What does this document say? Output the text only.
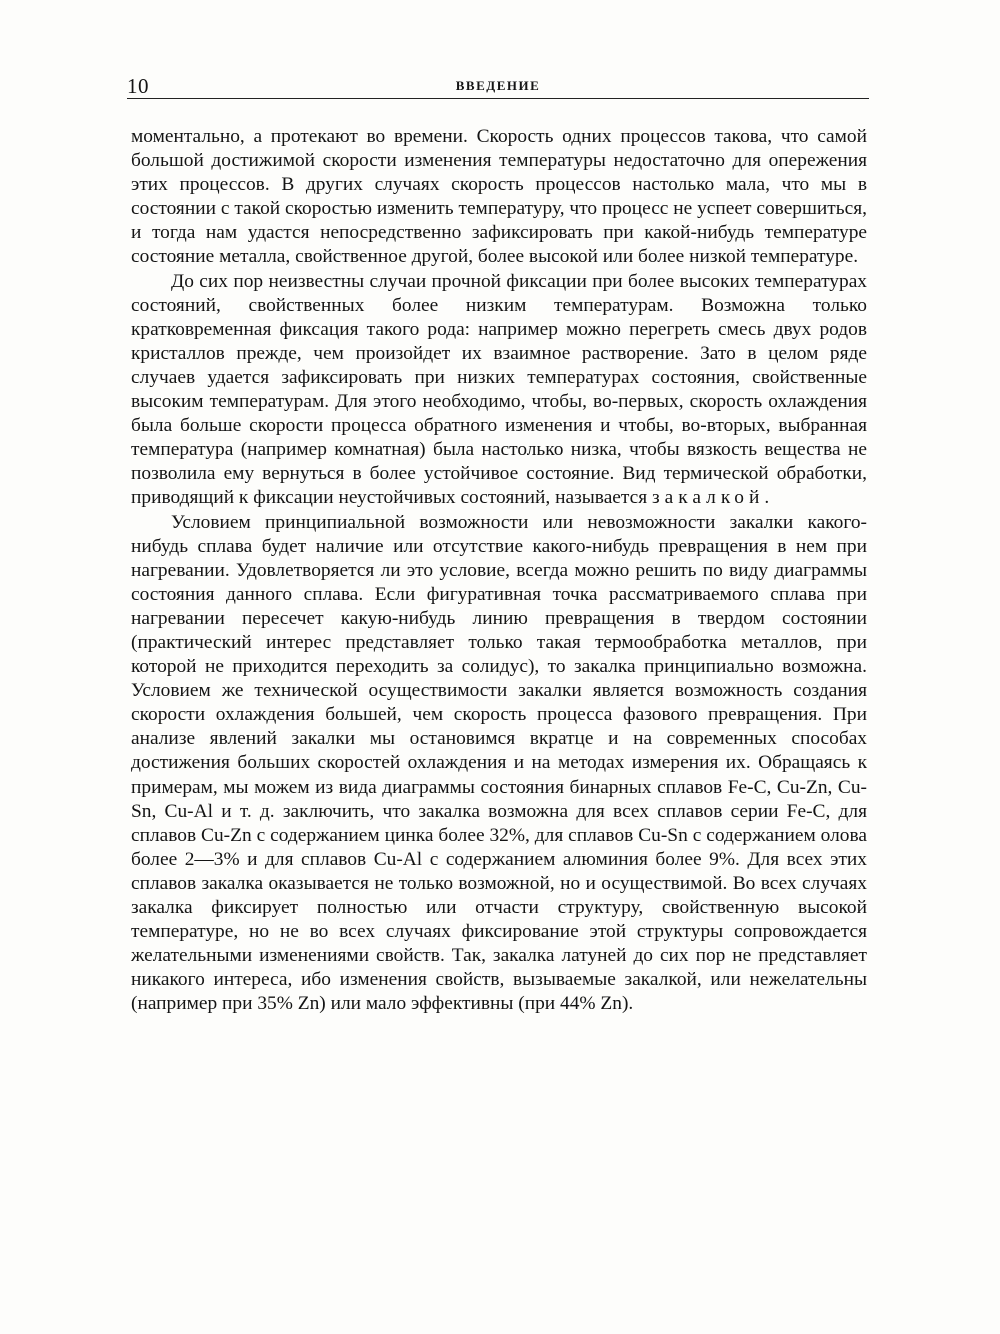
10	ВВЕДЕНИЕ

моментально, а протекают во времени. Скорость одних процессов такова, что самой большой достижимой скорости изменения температуры недостаточно для опережения этих процессов. В других случаях скорость процессов настолько мала, что мы в состоянии с такой скоростью изменить температуру, что процесс не успеет совершиться, и тогда нам удастся непосредственно зафиксировать при какой-нибудь температуре состояние металла, свойственное другой, более высокой или более низкой температуре.

До сих пор неизвестны случаи прочной фиксации при более высоких температурах состояний, свойственных более низким температурам. Возможна только кратковременная фиксация такого рода: например можно перегреть смесь двух родов кристаллов прежде, чем произойдет их взаимное растворение. Зато в целом ряде случаев удается зафиксировать при низких температурах состояния, свойственные высоким температурам. Для этого необходимо, чтобы, во-первых, скорость охлаждения была больше скорости процесса обратного изменения и чтобы, во-вторых, выбранная температура (например комнатная) была настолько низка, чтобы вязкость вещества не позволила ему вернуться в более устойчивое состояние. Вид термической обработки, приводящий к фиксации неустойчивых состояний, называется закалкой.

Условием принципиальной возможности или невозможности закалки какого-нибудь сплава будет наличие или отсутствие какого-нибудь превращения в нем при нагревании. Удовлетворяется ли это условие, всегда можно решить по виду диаграммы состояния данного сплава. Если фигуративная точка рассматриваемого сплава при нагревании пересечет какую-нибудь линию превращения в твердом состоянии (практический интерес представляет только такая термообработка металлов, при которой не приходится переходить за солидус), то закалка принципиально возможна. Условием же технической осуществимости закалки является возможность создания скорости охлаждения большей, чем скорость процесса фазового превращения. При анализе явлений закалки мы остановимся вкратце и на современных способах достижения больших скоростей охлаждения и на методах измерения их. Обращаясь к примерам, мы можем из вида диаграммы состояния бинарных сплавов Fe-C, Cu-Zn, Cu-Sn, Cu-Al и т. д. заключить, что закалка возможна для всех сплавов серии Fe-C, для сплавов Cu-Zn с содержанием цинка более 32%, для сплавов Cu-Sn с содержанием олова более 2—3% и для сплавов Cu-Al с содержанием алюминия более 9%. Для всех этих сплавов закалка оказывается не только возможной, но и осуществимой. Во всех случаях закалка фиксирует полностью или отчасти структуру, свойственную высокой температуре, но не во всех случаях фиксирование этой структуры сопровождается желательными изменениями свойств. Так, закалка латуней до сих пор не представляет никакого интереса, ибо изменения свойств, вызываемые закалкой, или нежелательны (например при 35% Zn) или мало эффективны (при 44% Zn).
